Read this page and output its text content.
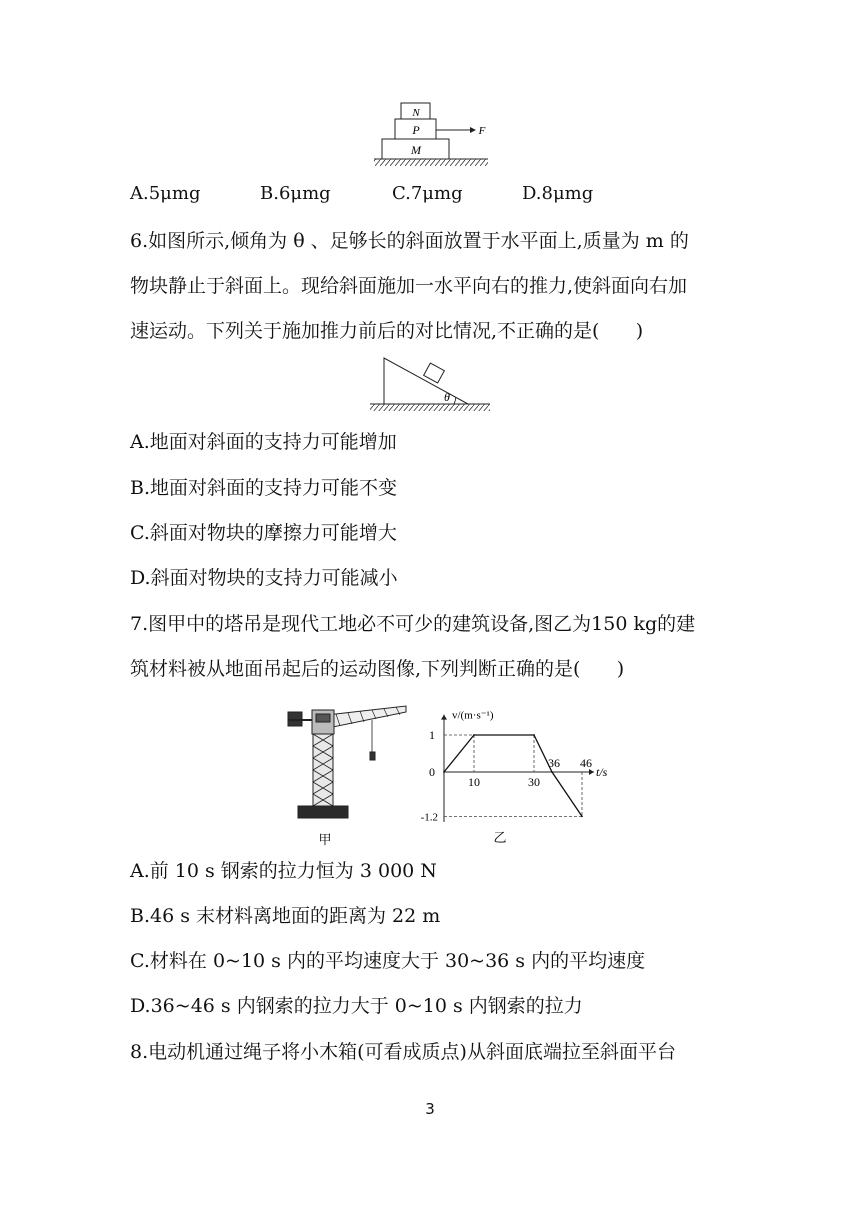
N
P
M
F
A.5μmg	B.6μmg	C.7μmg	D.8μmg
6.如图所示,倾角为 θ 、足够长的斜面放置于水平面上,质量为 m 的
物块静止于斜面上。现给斜面施加一水平向右的推力,使斜面向右加
速运动。下列关于施加推力前后的对比情况,不正确的是(      )
θ
A.地面对斜面的支持力可能增加
B.地面对斜面的支持力可能不变
C.斜面对物块的摩擦力可能增大
D.斜面对物块的支持力可能减小
7.图甲中的塔吊是现代工地必不可少的建筑设备,图乙为150 kg的建
筑材料被从地面吊起后的运动图像,下列判断正确的是(      )
甲
v/(m·s⁻¹)
t/s
1
0
-1.2
10	30
36 46
乙
A.前 10 s 钢索的拉力恒为 3 000 N
B.46 s 末材料离地面的距离为 22 m
C.材料在 0~10 s 内的平均速度大于 30~36 s 内的平均速度
D.36~46 s 内钢索的拉力大于 0~10 s 内钢索的拉力
8.电动机通过绳子将小木箱(可看成质点)从斜面底端拉至斜面平台
3
